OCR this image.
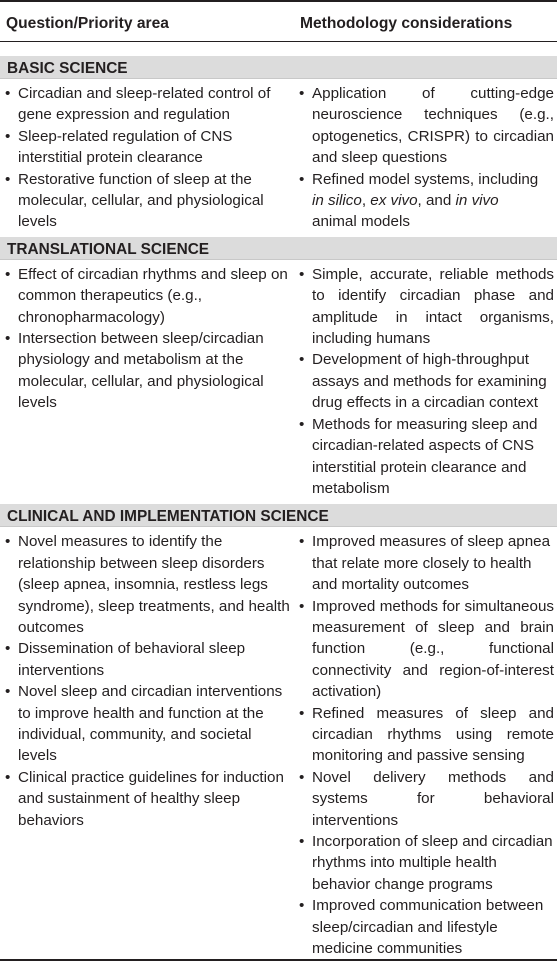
Question/Priority area	Methodology considerations
BASIC SCIENCE
• Circadian and sleep-related control of gene expression and regulation
• Sleep-related regulation of CNS interstitial protein clearance
• Restorative function of sleep at the molecular, cellular, and physiological levels
• Application of cutting-edge neuroscience techniques (e.g., optogenetics, CRISPR) to circadian and sleep questions
• Refined model systems, including in silico, ex vivo, and in vivo
animal models
TRANSLATIONAL SCIENCE
• Effect of circadian rhythms and sleep on common therapeutics (e.g., chronopharmacology)
• Intersection between sleep/circadian physiology and metabolism at the molecular, cellular, and physiological levels
• Simple, accurate, reliable methods to identify circadian phase and amplitude in intact organisms, including humans
• Development of high-throughput assays and methods for examining drug effects in a circadian context
• Methods for measuring sleep and circadian-related aspects of CNS interstitial protein clearance and metabolism
CLINICAL AND IMPLEMENTATION SCIENCE
• Novel measures to identify the relationship between sleep disorders (sleep apnea, insomnia, restless legs syndrome), sleep treatments, and health outcomes
• Dissemination of behavioral sleep interventions
• Novel sleep and circadian interventions to improve health and function at the individual, community, and societal levels
• Clinical practice guidelines for induction and sustainment of healthy sleep behaviors
• Improved measures of sleep apnea that relate more closely to health and mortality outcomes
• Improved methods for simultaneous measurement of sleep and brain function (e.g., functional connectivity and region-of-interest activation)
• Refined measures of sleep and circadian rhythms using remote monitoring and passive sensing
• Novel delivery methods and systems for behavioral interventions
• Incorporation of sleep and circadian rhythms into multiple health behavior change programs
• Improved communication between sleep/circadian and lifestyle medicine communities
